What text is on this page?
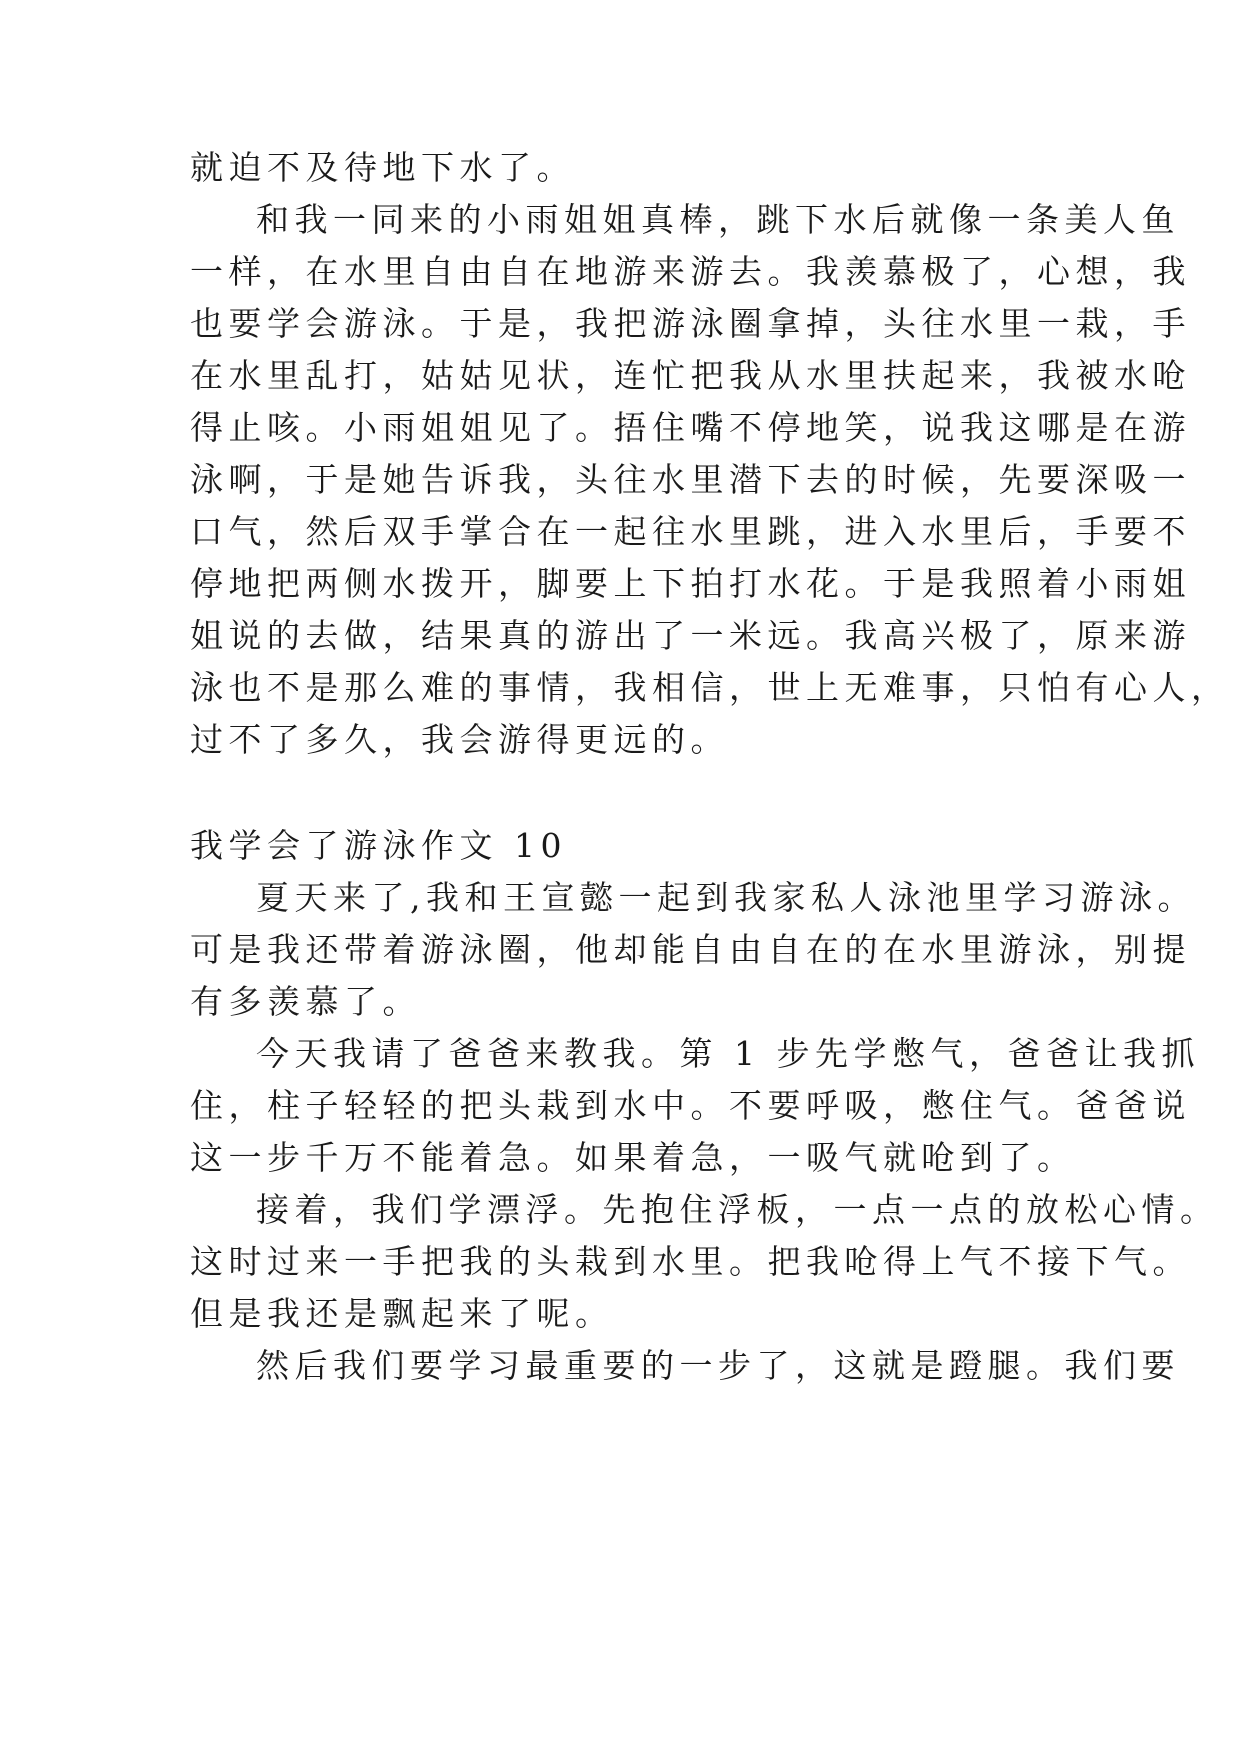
就迫不及待地下水了。
和我一同来的小雨姐姐真棒，跳下水后就像一条美人鱼
一样，在水里自由自在地游来游去。我羡慕极了，心想，我
也要学会游泳。于是，我把游泳圈拿掉，头往水里一栽，手
在水里乱打，姑姑见状，连忙把我从水里扶起来，我被水呛
得止咳。小雨姐姐见了。捂住嘴不停地笑，说我这哪是在游
泳啊，于是她告诉我，头往水里潜下去的时候，先要深吸一
口气，然后双手掌合在一起往水里跳，进入水里后，手要不
停地把两侧水拨开，脚要上下拍打水花。于是我照着小雨姐
姐说的去做，结果真的游出了一米远。我高兴极了，原来游
泳也不是那么难的事情，我相信，世上无难事，只怕有心人，
过不了多久，我会游得更远的。
我学会了游泳作文 10
夏天来了,我和王宣懿一起到我家私人泳池里学习游泳。
可是我还带着游泳圈，他却能自由自在的在水里游泳，别提
有多羡慕了。
今天我请了爸爸来教我。第 1 步先学憋气，爸爸让我抓
住，柱子轻轻的把头栽到水中。不要呼吸，憋住气。爸爸说
这一步千万不能着急。如果着急，一吸气就呛到了。
接着，我们学漂浮。先抱住浮板，一点一点的放松心情。
这时过来一手把我的头栽到水里。把我呛得上气不接下气。
但是我还是飘起来了呢。
然后我们要学习最重要的一步了，这就是蹬腿。我们要
